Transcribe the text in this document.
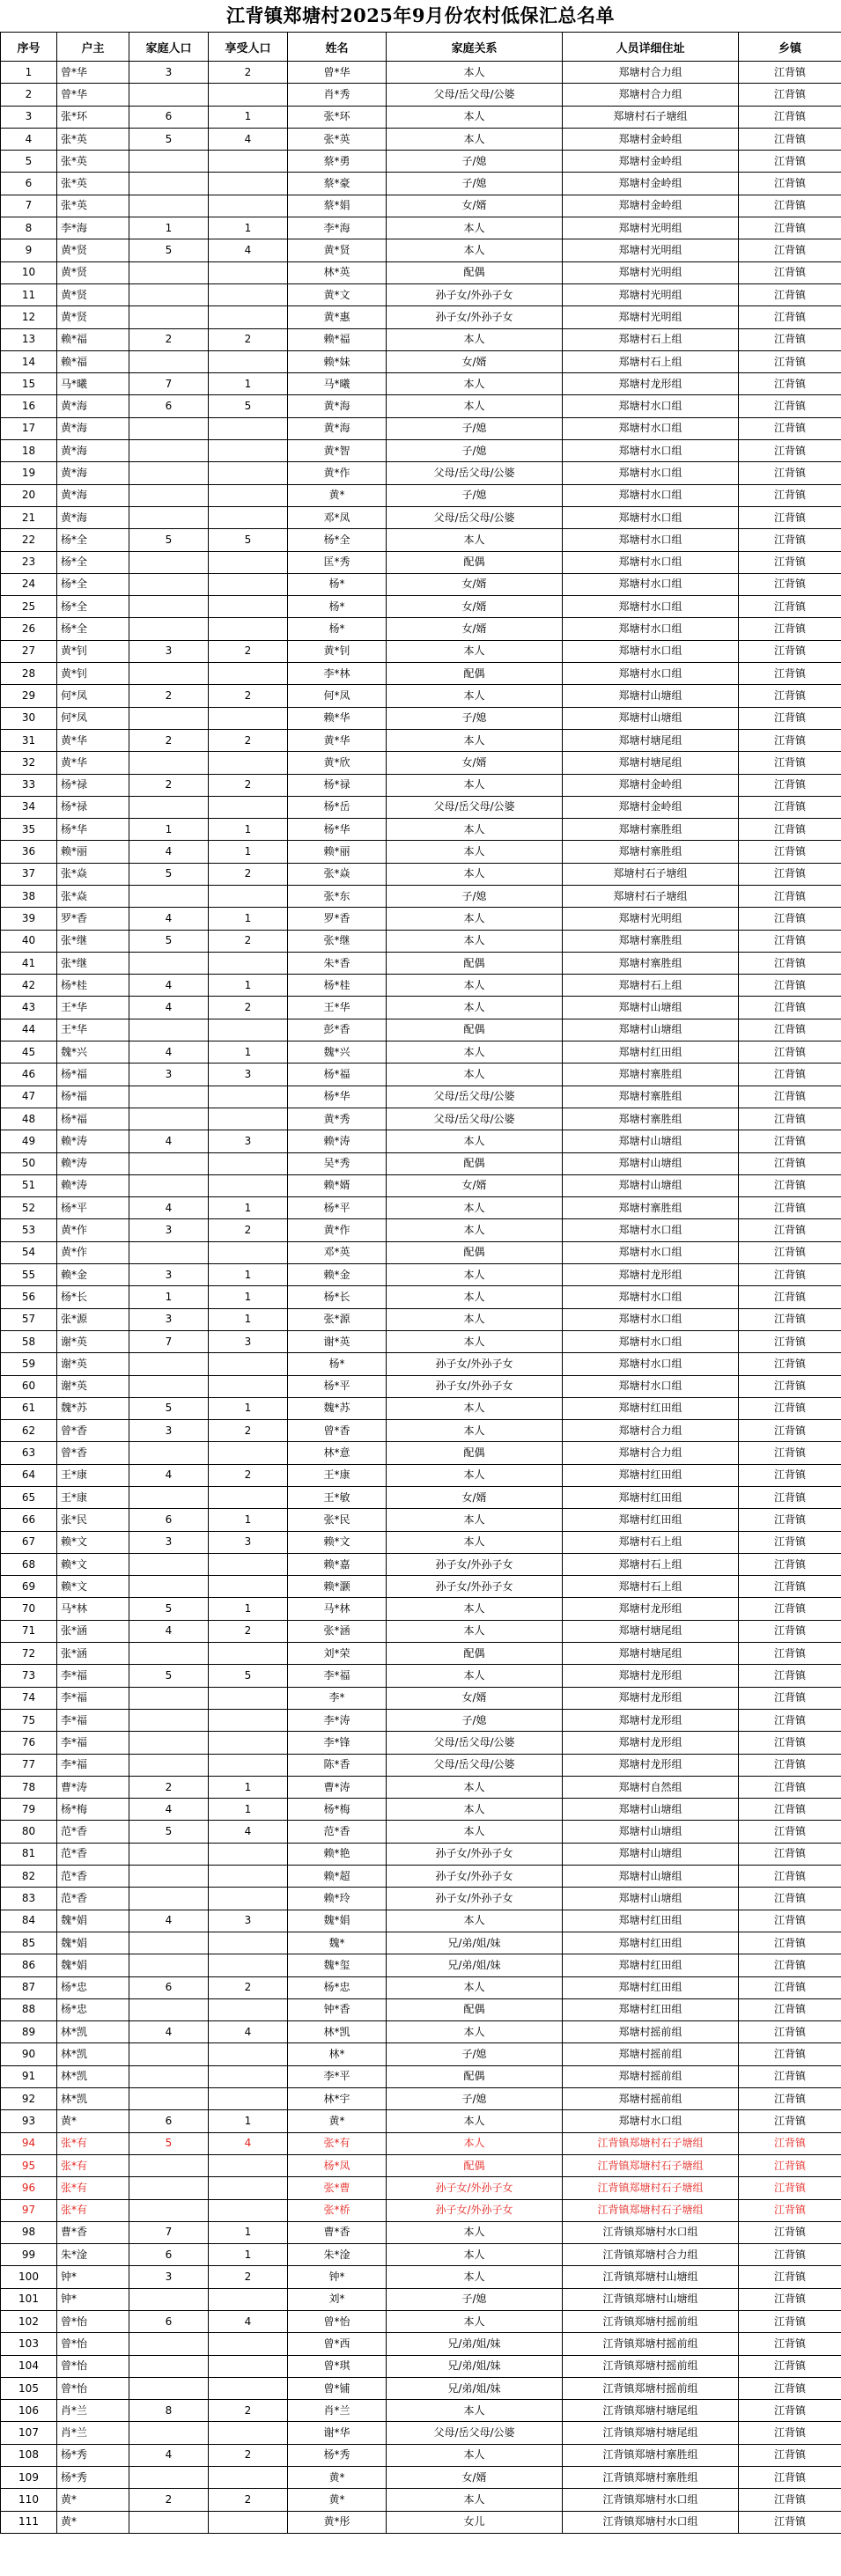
江背镇郑塘村2025年9月份农村低保汇总名单
序号	户主	家庭人口	享受人口	姓名	家庭关系	人员详细住址	乡镇
1	曾*华	3	2	曾*华	本人	郑塘村合力组	江背镇
2	曾*华			肖*秀	父母/岳父母/公婆	郑塘村合力组	江背镇
3	张*环	6	1	张*环	本人	郑塘村石子塘组	江背镇
4	张*英	5	4	张*英	本人	郑塘村金岭组	江背镇
5	张*英			蔡*勇	子/媳	郑塘村金岭组	江背镇
6	张*英			蔡*豪	子/媳	郑塘村金岭组	江背镇
7	张*英			蔡*娟	女/婿	郑塘村金岭组	江背镇
8	李*海	1	1	李*海	本人	郑塘村光明组	江背镇
9	黄*贤	5	4	黄*贤	本人	郑塘村光明组	江背镇
10	黄*贤			林*英	配偶	郑塘村光明组	江背镇
11	黄*贤			黄*文	孙子女/外孙子女	郑塘村光明组	江背镇
12	黄*贤			黄*惠	孙子女/外孙子女	郑塘村光明组	江背镇
13	赖*福	2	2	赖*福	本人	郑塘村石上组	江背镇
14	赖*福			赖*妹	女/婿	郑塘村石上组	江背镇
15	马*曦	7	1	马*曦	本人	郑塘村龙形组	江背镇
16	黄*海	6	5	黄*海	本人	郑塘村水口组	江背镇
17	黄*海			黄*海	子/媳	郑塘村水口组	江背镇
18	黄*海			黄*智	子/媳	郑塘村水口组	江背镇
19	黄*海			黄*作	父母/岳父母/公婆	郑塘村水口组	江背镇
20	黄*海			黄*	子/媳	郑塘村水口组	江背镇
21	黄*海			邓*凤	父母/岳父母/公婆	郑塘村水口组	江背镇
22	杨*全	5	5	杨*全	本人	郑塘村水口组	江背镇
23	杨*全			匡*秀	配偶	郑塘村水口组	江背镇
24	杨*全			杨*	女/婿	郑塘村水口组	江背镇
25	杨*全			杨*	女/婿	郑塘村水口组	江背镇
26	杨*全			杨*	女/婿	郑塘村水口组	江背镇
27	黄*钊	3	2	黄*钊	本人	郑塘村水口组	江背镇
28	黄*钊			李*林	配偶	郑塘村水口组	江背镇
29	何*凤	2	2	何*凤	本人	郑塘村山塘组	江背镇
30	何*凤			赖*华	子/媳	郑塘村山塘组	江背镇
31	黄*华	2	2	黄*华	本人	郑塘村塘尾组	江背镇
32	黄*华			黄*欣	女/婿	郑塘村塘尾组	江背镇
33	杨*禄	2	2	杨*禄	本人	郑塘村金岭组	江背镇
34	杨*禄			杨*岳	父母/岳父母/公婆	郑塘村金岭组	江背镇
35	杨*华	1	1	杨*华	本人	郑塘村寨胜组	江背镇
36	赖*丽	4	1	赖*丽	本人	郑塘村寨胜组	江背镇
37	张*焱	5	2	张*焱	本人	郑塘村石子塘组	江背镇
38	张*焱			张*东	子/媳	郑塘村石子塘组	江背镇
39	罗*香	4	1	罗*香	本人	郑塘村光明组	江背镇
40	张*继	5	2	张*继	本人	郑塘村寨胜组	江背镇
41	张*继			朱*香	配偶	郑塘村寨胜组	江背镇
42	杨*桂	4	1	杨*桂	本人	郑塘村石上组	江背镇
43	王*华	4	2	王*华	本人	郑塘村山塘组	江背镇
44	王*华			彭*香	配偶	郑塘村山塘组	江背镇
45	魏*兴	4	1	魏*兴	本人	郑塘村红田组	江背镇
46	杨*福	3	3	杨*福	本人	郑塘村寨胜组	江背镇
47	杨*福			杨*华	父母/岳父母/公婆	郑塘村寨胜组	江背镇
48	杨*福			黄*秀	父母/岳父母/公婆	郑塘村寨胜组	江背镇
49	赖*涛	4	3	赖*涛	本人	郑塘村山塘组	江背镇
50	赖*涛			吴*秀	配偶	郑塘村山塘组	江背镇
51	赖*涛			赖*婿	女/婿	郑塘村山塘组	江背镇
52	杨*平	4	1	杨*平	本人	郑塘村寨胜组	江背镇
53	黄*作	3	2	黄*作	本人	郑塘村水口组	江背镇
54	黄*作			邓*英	配偶	郑塘村水口组	江背镇
55	赖*金	3	1	赖*金	本人	郑塘村龙形组	江背镇
56	杨*长	1	1	杨*长	本人	郑塘村水口组	江背镇
57	张*源	3	1	张*源	本人	郑塘村水口组	江背镇
58	谢*英	7	3	谢*英	本人	郑塘村水口组	江背镇
59	谢*英			杨*	孙子女/外孙子女	郑塘村水口组	江背镇
60	谢*英			杨*平	孙子女/外孙子女	郑塘村水口组	江背镇
61	魏*苏	5	1	魏*苏	本人	郑塘村红田组	江背镇
62	曾*香	3	2	曾*香	本人	郑塘村合力组	江背镇
63	曾*香			林*意	配偶	郑塘村合力组	江背镇
64	王*康	4	2	王*康	本人	郑塘村红田组	江背镇
65	王*康			王*敏	女/婿	郑塘村红田组	江背镇
66	张*民	6	1	张*民	本人	郑塘村红田组	江背镇
67	赖*文	3	3	赖*文	本人	郑塘村石上组	江背镇
68	赖*文			赖*嘉	孙子女/外孙子女	郑塘村石上组	江背镇
69	赖*文			赖*灏	孙子女/外孙子女	郑塘村石上组	江背镇
70	马*林	5	1	马*林	本人	郑塘村龙形组	江背镇
71	张*涵	4	2	张*涵	本人	郑塘村塘尾组	江背镇
72	张*涵			刘*荣	配偶	郑塘村塘尾组	江背镇
73	李*福	5	5	李*福	本人	郑塘村龙形组	江背镇
74	李*福			李*	女/婿	郑塘村龙形组	江背镇
75	李*福			李*涛	子/媳	郑塘村龙形组	江背镇
76	李*福			李*锋	父母/岳父母/公婆	郑塘村龙形组	江背镇
77	李*福			陈*香	父母/岳父母/公婆	郑塘村龙形组	江背镇
78	曹*涛	2	1	曹*涛	本人	郑塘村自然组	江背镇
79	杨*梅	4	1	杨*梅	本人	郑塘村山塘组	江背镇
80	范*香	5	4	范*香	本人	郑塘村山塘组	江背镇
81	范*香			赖*艳	孙子女/外孙子女	郑塘村山塘组	江背镇
82	范*香			赖*超	孙子女/外孙子女	郑塘村山塘组	江背镇
83	范*香			赖*玲	孙子女/外孙子女	郑塘村山塘组	江背镇
84	魏*娟	4	3	魏*娟	本人	郑塘村红田组	江背镇
85	魏*娟			魏*	兄/弟/姐/妹	郑塘村红田组	江背镇
86	魏*娟			魏*玺	兄/弟/姐/妹	郑塘村红田组	江背镇
87	杨*忠	6	2	杨*忠	本人	郑塘村红田组	江背镇
88	杨*忠			钟*香	配偶	郑塘村红田组	江背镇
89	林*凯	4	4	林*凯	本人	郑塘村摇前组	江背镇
90	林*凯			林*	子/媳	郑塘村摇前组	江背镇
91	林*凯			李*平	配偶	郑塘村摇前组	江背镇
92	林*凯			林*宇	子/媳	郑塘村摇前组	江背镇
93	黄*	6	1	黄*	本人	郑塘村水口组	江背镇
94	张*有	5	4	张*有	本人	江背镇郑塘村石子塘组	江背镇
95	张*有			杨*凤	配偶	江背镇郑塘村石子塘组	江背镇
96	张*有			张*曹	孙子女/外孙子女	江背镇郑塘村石子塘组	江背镇
97	张*有			张*桥	孙子女/外孙子女	江背镇郑塘村石子塘组	江背镇
98	曹*香	7	1	曹*香	本人	江背镇郑塘村水口组	江背镇
99	朱*淦	6	1	朱*淦	本人	江背镇郑塘村合力组	江背镇
100	钟*	3	2	钟*	本人	江背镇郑塘村山塘组	江背镇
101	钟*			刘*	子/媳	江背镇郑塘村山塘组	江背镇
102	曾*怡	6	4	曾*怡	本人	江背镇郑塘村摇前组	江背镇
103	曾*怡			曾*西	兄/弟/姐/妹	江背镇郑塘村摇前组	江背镇
104	曾*怡			曾*琪	兄/弟/姐/妹	江背镇郑塘村摇前组	江背镇
105	曾*怡			曾*铺	兄/弟/姐/妹	江背镇郑塘村摇前组	江背镇
106	肖*兰	8	2	肖*兰	本人	江背镇郑塘村塘尾组	江背镇
107	肖*兰			谢*华	父母/岳父母/公婆	江背镇郑塘村塘尾组	江背镇
108	杨*秀	4	2	杨*秀	本人	江背镇郑塘村寨胜组	江背镇
109	杨*秀			黄*	女/婿	江背镇郑塘村寨胜组	江背镇
110	黄*	2	2	黄*	本人	江背镇郑塘村水口组	江背镇
111	黄*			黄*彤	女儿	江背镇郑塘村水口组	江背镇
